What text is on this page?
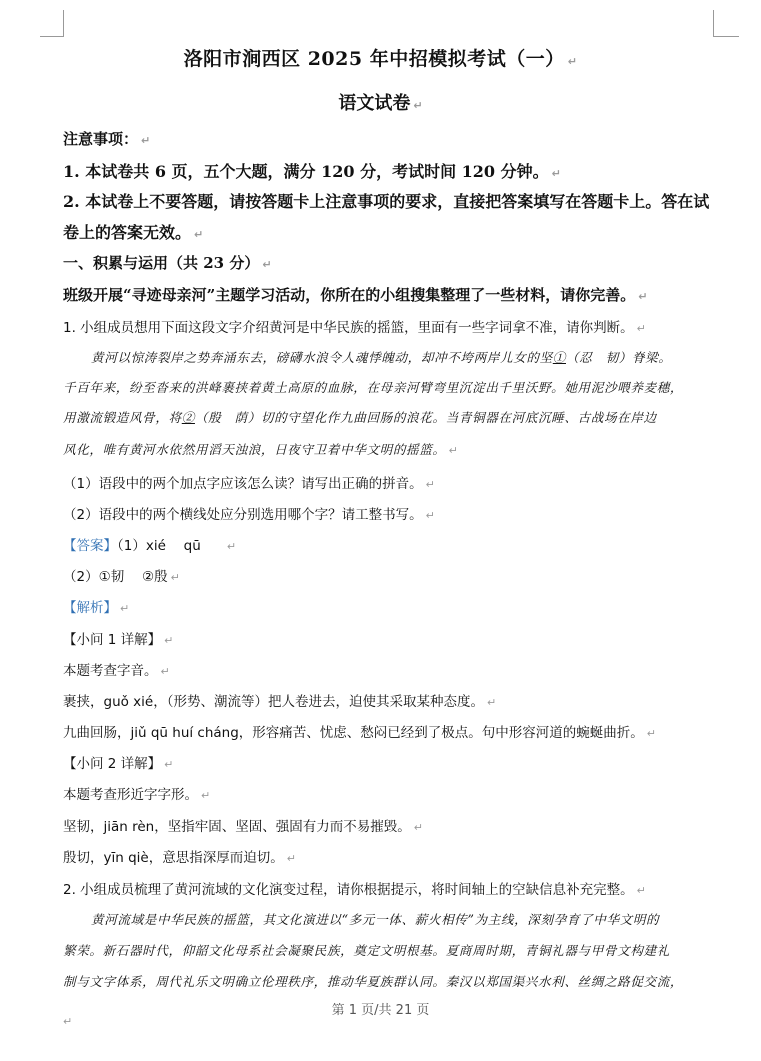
洛阳市涧西区 2025 年中招模拟考试（一） ↵
语文试卷 ↵
注意事项： ↵
1. 本试卷共 6 页，五个大题，满分 120 分，考试时间 120 分钟。 ↵
2. 本试卷上不要答题，请按答题卡上注意事项的要求，直接把答案填写在答题卡上。答在试
卷上的答案无效。 ↵
一、积累与运用（共 23 分） ↵
班级开展“寻迹母亲河”主题学习活动，你所在的小组搜集整理了一些材料，请你完善。 ↵
1. 小组成员想用下面这段文字介绍黄河是中华民族的摇篮，里面有一些字词拿不准，请你判断。 ↵
黄河以惊涛裂岸之势奔涌东去，磅礴水浪令人魂悸魄动，却冲不垮两岸儿女的坚①（忍　韧）脊梁。
千百年来，纷至沓来的洪峰裹挟着黄土高原的血脉，在母亲河臂弯里沉淀出千里沃野。她用泥沙喂养麦穗，
用激流锻造风骨，将②（殷　荫）切的守望化作九曲回肠的浪花。当青铜器在河底沉睡、古战场在岸边
风化，唯有黄河水依然用滔天浊浪，日夜守卫着中华文明的摇篮。 ↵
（1）语段中的两个加点字应该怎么读？请写出正确的拼音。 ↵
（2）语段中的两个横线处应分别选用哪个字？请工整书写。 ↵
【答案】（1）xié　 qū ↵
（2）①韧　 ②殷 ↵
【解析】 ↵
【小问 1 详解】 ↵
本题考查字音。 ↵
裹挟，guǒ xié，（形势、潮流等）把人卷进去，迫使其采取某种态度。 ↵
九曲回肠，jiǔ qū huí cháng，形容痛苦、忧虑、愁闷已经到了极点。句中形容河道的蜿蜒曲折。 ↵
【小问 2 详解】 ↵
本题考查形近字字形。 ↵
坚韧，jiān rèn，坚指牢固、坚固、强固有力而不易摧毁。 ↵
殷切，yīn qiè，意思指深厚而迫切。 ↵
2. 小组成员梳理了黄河流域的文化演变过程，请你根据提示，将时间轴上的空缺信息补充完整。 ↵
黄河流域是中华民族的摇篮，其文化演进以“多元一体、薪火相传”为主线，深刻孕育了中华文明的
繁荣。新石器时代，仰韶文化母系社会凝聚民族，奠定文明根基。夏商周时期，青铜礼器与甲骨文构建礼
制与文字体系，周代礼乐文明确立伦理秩序，推动华夏族群认同。秦汉以郑国渠兴水利、丝绸之路促交流，
第 1 页/共 21 页
↵
